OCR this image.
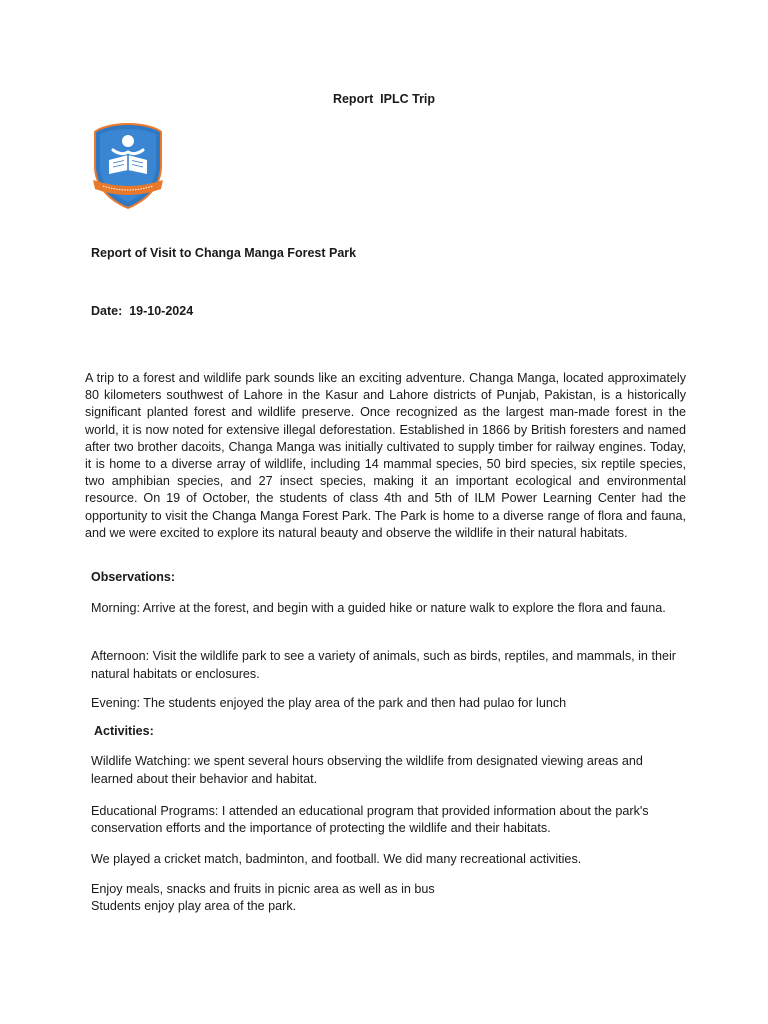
Report  IPLC Trip
Report of Visit to Changa Manga Forest Park
Date:  19-10-2024

A trip to a forest and wildlife park sounds like an exciting adventure. Changa Manga, located approximately 80 kilometers southwest of Lahore in the Kasur and Lahore districts of Punjab, Pakistan, is a historically significant planted forest and wildlife preserve. Once recognized as the largest man-made forest in the world, it is now noted for extensive illegal deforestation. Established in 1866 by British foresters and named after two brother dacoits, Changa Manga was initially cultivated to supply timber for railway engines. Today, it is home to a diverse array of wildlife, including 14 mammal species, 50 bird species, six reptile species, two amphibian species, and 27 insect species, making it an important ecological and environmental resource. On 19 of October, the students of class 4th and 5th of ILM Power Learning Center had the opportunity to visit the Changa Manga Forest Park. The Park is home to a diverse range of flora and fauna, and we were excited to explore its natural beauty and observe the wildlife in their natural habitats.

Observations:

Morning: Arrive at the forest, and begin with a guided hike or nature walk to explore the flora and fauna.

Afternoon: Visit the wildlife park to see a variety of animals, such as birds, reptiles, and mammals, in their natural habitats or enclosures.

Evening: The students enjoyed the play area of the park and then had pulao for lunch

Activities:

Wildlife Watching: we spent several hours observing the wildlife from designated viewing areas and learned about their behavior and habitat.

Educational Programs: I attended an educational program that provided information about the park's conservation efforts and the importance of protecting the wildlife and their habitats.

We played a cricket match, badminton, and football. We did many recreational activities.

Enjoy meals, snacks and fruits in picnic area as well as in bus

Students enjoy play area of the park.
